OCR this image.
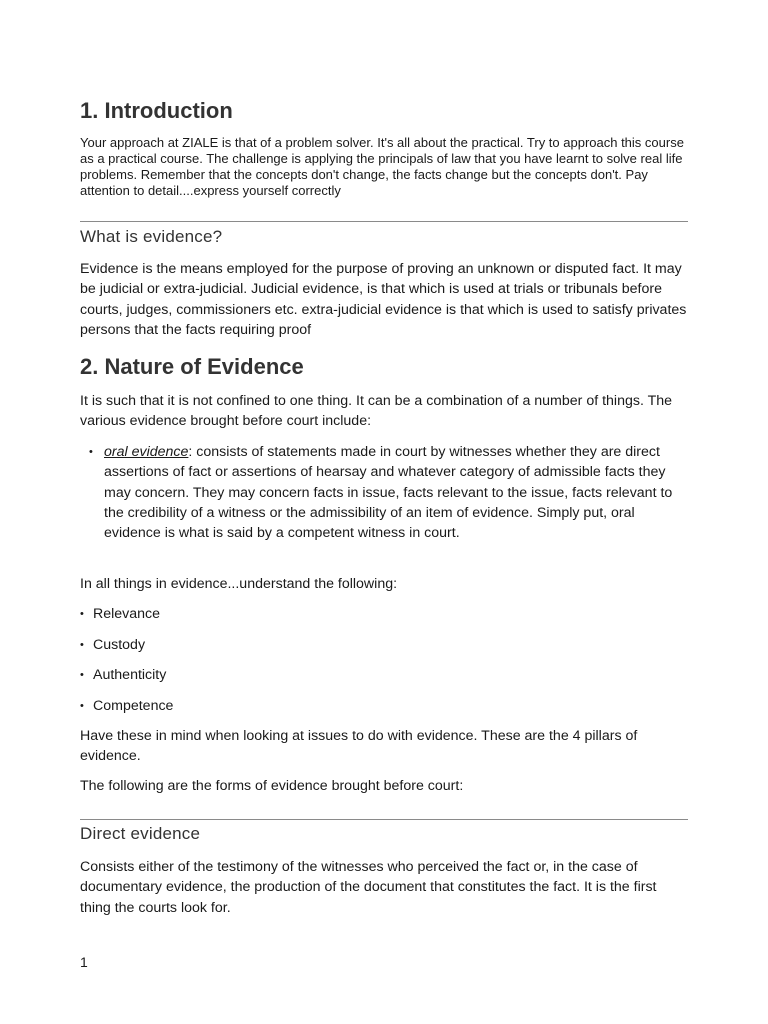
1. Introduction

Your approach at ZIALE is that of a problem solver. It's all about the practical. Try to approach this course as a practical course. The challenge is applying the principals of law that you have learnt to solve real life problems. Remember that the concepts don't change, the facts change but the concepts don't. Pay attention to detail....express yourself correctly

What is evidence?

Evidence is the means employed for the purpose of proving an unknown or disputed fact. It may be judicial or extra-judicial. Judicial evidence, is that which is used at trials or tribunals before courts, judges, commissioners etc. extra-judicial evidence is that which is used to satisfy privates persons that the facts requiring proof

2. Nature of Evidence

It is such that it is not confined to one thing. It can be a combination of a number of things. The various evidence brought before court include:

• oral evidence: consists of statements made in court by witnesses whether they are direct assertions of fact or assertions of hearsay and whatever category of admissible facts they may concern. They may concern facts in issue, facts relevant to the issue, facts relevant to the credibility of a witness or the admissibility of an item of evidence. Simply put, oral evidence is what is said by a competent witness in court.

In all things in evidence...understand the following:

• Relevance
• Custody
• Authenticity
• Competence

Have these in mind when looking at issues to do with evidence. These are the 4 pillars of evidence.

The following are the forms of evidence brought before court:

Direct evidence

Consists either of the testimony of the witnesses who perceived the fact or, in the case of documentary evidence, the production of the document that constitutes the fact. It is the first thing the courts look for.

1
